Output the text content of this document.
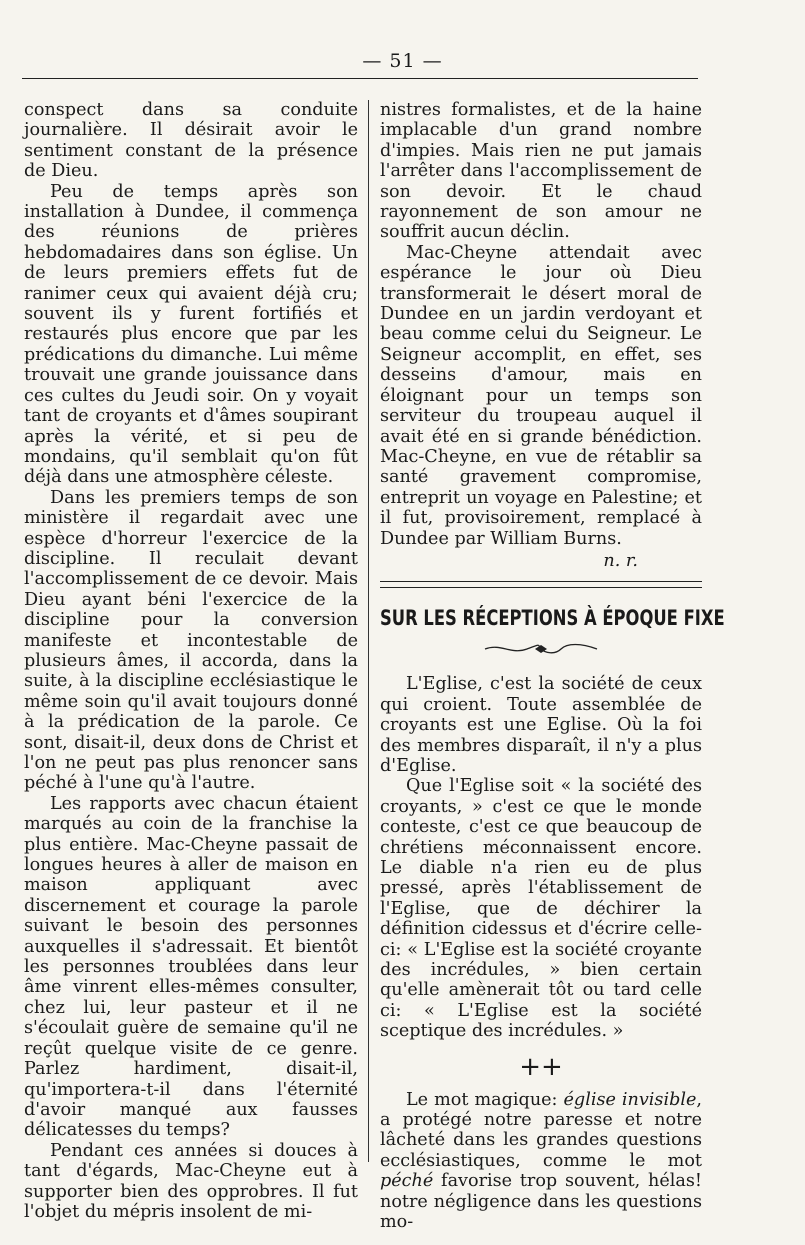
— 51 —

conspect dans sa conduite journalière. Il désirait avoir le sentiment constant de la présence de Dieu.

Peu de temps après son installation à Dundee, il commença des réunions de prières hebdomadaires dans son église. Un de leurs premiers effets fut de ranimer ceux qui avaient déjà cru; souvent ils y furent fortifiés et restaurés plus encore que par les prédications du dimanche. Lui même trouvait une grande jouissance dans ces cultes du Jeudi soir. On y voyait tant de croyants et d'âmes soupirant après la vérité, et si peu de mondains, qu'il semblait qu'on fût déjà dans une atmosphère céleste.

Dans les premiers temps de son ministère il regardait avec une espèce d'horreur l'exercice de la discipline. Il reculait devant l'accomplissement de ce devoir. Mais Dieu ayant béni l'exercice de la discipline pour la conversion manifeste et incontestable de plusieurs âmes, il accorda, dans la suite, à la discipline ecclésiastique le même soin qu'il avait toujours donné à la prédication de la parole. Ce sont, disait-il, deux dons de Christ et l'on ne peut pas plus renoncer sans péché à l'une qu'à l'autre.

Les rapports avec chacun étaient marqués au coin de la franchise la plus entière. Mac-Cheyne passait de longues heures à aller de maison en maison appliquant avec discernement et courage la parole suivant le besoin des personnes auxquelles il s'adressait. Et bientôt les personnes troublées dans leur âme vinrent elles-mêmes consulter, chez lui, leur pasteur et il ne s'écoulait guère de semaine qu'il ne reçût quelque visite de ce genre. Parlez hardiment, disait-il, qu'importera-t-il dans l'éternité d'avoir manqué aux fausses délicatesses du temps?

Pendant ces années si douces à tant d'égards, Mac-Cheyne eut à supporter bien des opprobres. Il fut l'objet du mépris insolent de mi-

nistres formalistes, et de la haine implacable d'un grand nombre d'impies. Mais rien ne put jamais l'arrêter dans l'accomplissement de son devoir. Et le chaud rayonnement de son amour ne souffrit aucun déclin.

Mac-Cheyne attendait avec espérance le jour où Dieu transformerait le désert moral de Dundee en un jardin verdoyant et beau comme celui du Seigneur. Le Seigneur accomplit, en effet, ses desseins d'amour, mais en éloignant pour un temps son serviteur du troupeau auquel il avait été en si grande bénédiction. Mac-Cheyne, en vue de rétablir sa santé gravement compromise, entreprit un voyage en Palestine; et il fut, provisoirement, remplacé à Dundee par William Burns.

n. r.

SUR LES RÉCEPTIONS À ÉPOQUE FIXE

L'Eglise, c'est la société de ceux qui croient. Toute assemblée de croyants est une Eglise. Où la foi des membres disparaît, il n'y a plus d'Eglise.

Que l'Eglise soit « la société des croyants, » c'est ce que le monde conteste, c'est ce que beaucoup de chrétiens méconnaissent encore. Le diable n'a rien eu de plus pressé, après l'établissement de l'Eglise, que de déchirer la définition cidessus et d'écrire celle-ci: « L'Eglise est la société croyante des incrédules, » bien certain qu'elle amènerait tôt ou tard celle ci: « L'Eglise est la société sceptique des incrédules. »

++

Le mot magique: église invisible, a protégé notre paresse et notre lâcheté dans les grandes questions ecclésiastiques, comme le mot péché favorise trop souvent, hélas! notre négligence dans les questions mo-
